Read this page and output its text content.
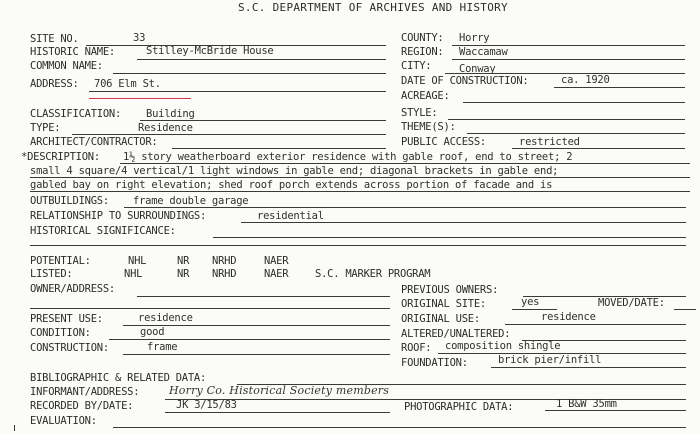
S.C. DEPARTMENT OF ARCHIVES AND HISTORY
SITE NO.	33
HISTORIC NAME:	Stilley-McBride House
COMMON NAME:
ADDRESS: 706 Elm St.
CLASSIFICATION: Building
TYPE:	Residence
ARCHITECT/CONTRACTOR:
COUNTY: Horry
REGION: Waccamaw
CITY:	Conway
DATE OF CONSTRUCTION:	ca. 1920
ACREAGE:
STYLE:
THEME(S):
PUBLIC ACCESS:	restricted
*DESCRIPTION: 1½ story weatherboard exterior residence with gable roof, end to street; 2
small 4 square/4 vertical/1 light windows in gable end; diagonal brackets in gable end;
gabled bay on right elevation; shed roof porch extends across portion of facade and is
OUTBUILDINGS: frame double garage
RELATIONSHIP TO SURROUNDINGS:	residential
HISTORICAL SIGNIFICANCE:
POTENTIAL:	NHL	NR NRHD	NAER
LISTED:	NHL	NR NRHD	NAER	S.C. MARKER PROGRAM
OWNER/ADDRESS:	PREVIOUS OWNERS:
ORIGINAL SITE:	yes	MOVED/DATE:
PRESENT USE:	residence	ORIGINAL USE:	residence
CONDITION:	good	ALTERED/UNALTERED:
CONSTRUCTION:	frame	ROOF: composition shingle
FOUNDATION:	brick pier/infill
BIBLIOGRAPHIC & RELATED DATA:
INFORMANT/ADDRESS:	Horry Co. Historical Society members
RECORDED BY/DATE:	JK 3/15/83	PHOTOGRAPHIC DATA:	1 B&W 35mm
EVALUATION:
